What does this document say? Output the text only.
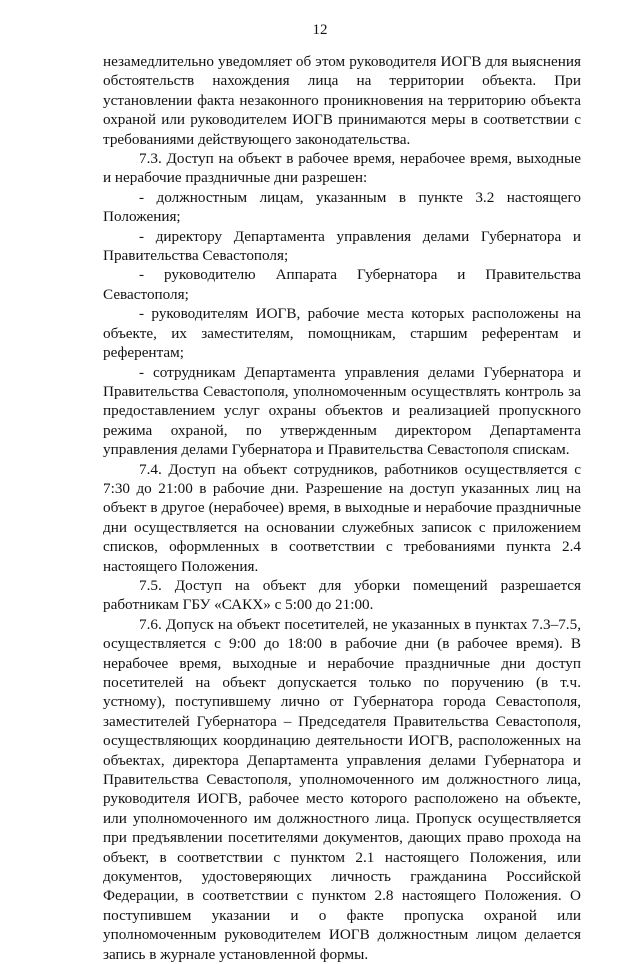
12

незамедлительно уведомляет об этом руководителя ИОГВ для выяснения обстоятельств нахождения лица на территории объекта. При установлении факта незаконного проникновения на территорию объекта охраной или руководителем ИОГВ принимаются меры в соответствии с требованиями действующего законодательства.

7.3. Доступ на объект в рабочее время, нерабочее время, выходные и нерабочие праздничные дни разрешен:

- должностным лицам, указанным в пункте 3.2 настоящего Положения;

- директору Департамента управления делами Губернатора и Правительства Севастополя;

- руководителю Аппарата Губернатора и Правительства Севастополя;

- руководителям ИОГВ, рабочие места которых расположены на объекте, их заместителям, помощникам, старшим референтам и референтам;

- сотрудникам Департамента управления делами Губернатора и Правительства Севастополя, уполномоченным осуществлять контроль за предоставлением услуг охраны объектов и реализацией пропускного режима охраной, по утвержденным директором Департамента управления делами Губернатора и Правительства Севастополя спискам.

7.4. Доступ на объект сотрудников, работников осуществляется с 7:30 до 21:00 в рабочие дни. Разрешение на доступ указанных лиц на объект в другое (нерабочее) время, в выходные и нерабочие праздничные дни осуществляется на основании служебных записок с приложением списков, оформленных в соответствии с требованиями пункта 2.4 настоящего Положения.

7.5. Доступ на объект для уборки помещений разрешается работникам ГБУ «САКХ» с 5:00 до 21:00.

7.6. Допуск на объект посетителей, не указанных в пунктах 7.3–7.5, осуществляется с 9:00 до 18:00 в рабочие дни (в рабочее время). В нерабочее время, выходные и нерабочие праздничные дни доступ посетителей на объект допускается только по поручению (в т.ч. устному), поступившему лично от Губернатора города Севастополя, заместителей Губернатора – Председателя Правительства Севастополя, осуществляющих координацию деятельности ИОГВ, расположенных на объектах, директора Департамента управления делами Губернатора и Правительства Севастополя, уполномоченного им должностного лица, руководителя ИОГВ, рабочее место которого расположено на объекте, или уполномоченного им должностного лица. Пропуск осуществляется при предъявлении посетителями документов, дающих право прохода на объект, в соответствии с пунктом 2.1 настоящего Положения, или документов, удостоверяющих личность гражданина Российской Федерации, в соответствии с пунктом 2.8 настоящего Положения. О поступившем указании и о факте пропуска охраной или уполномоченным руководителем ИОГВ должностным лицом делается запись в журнале установленной формы.
